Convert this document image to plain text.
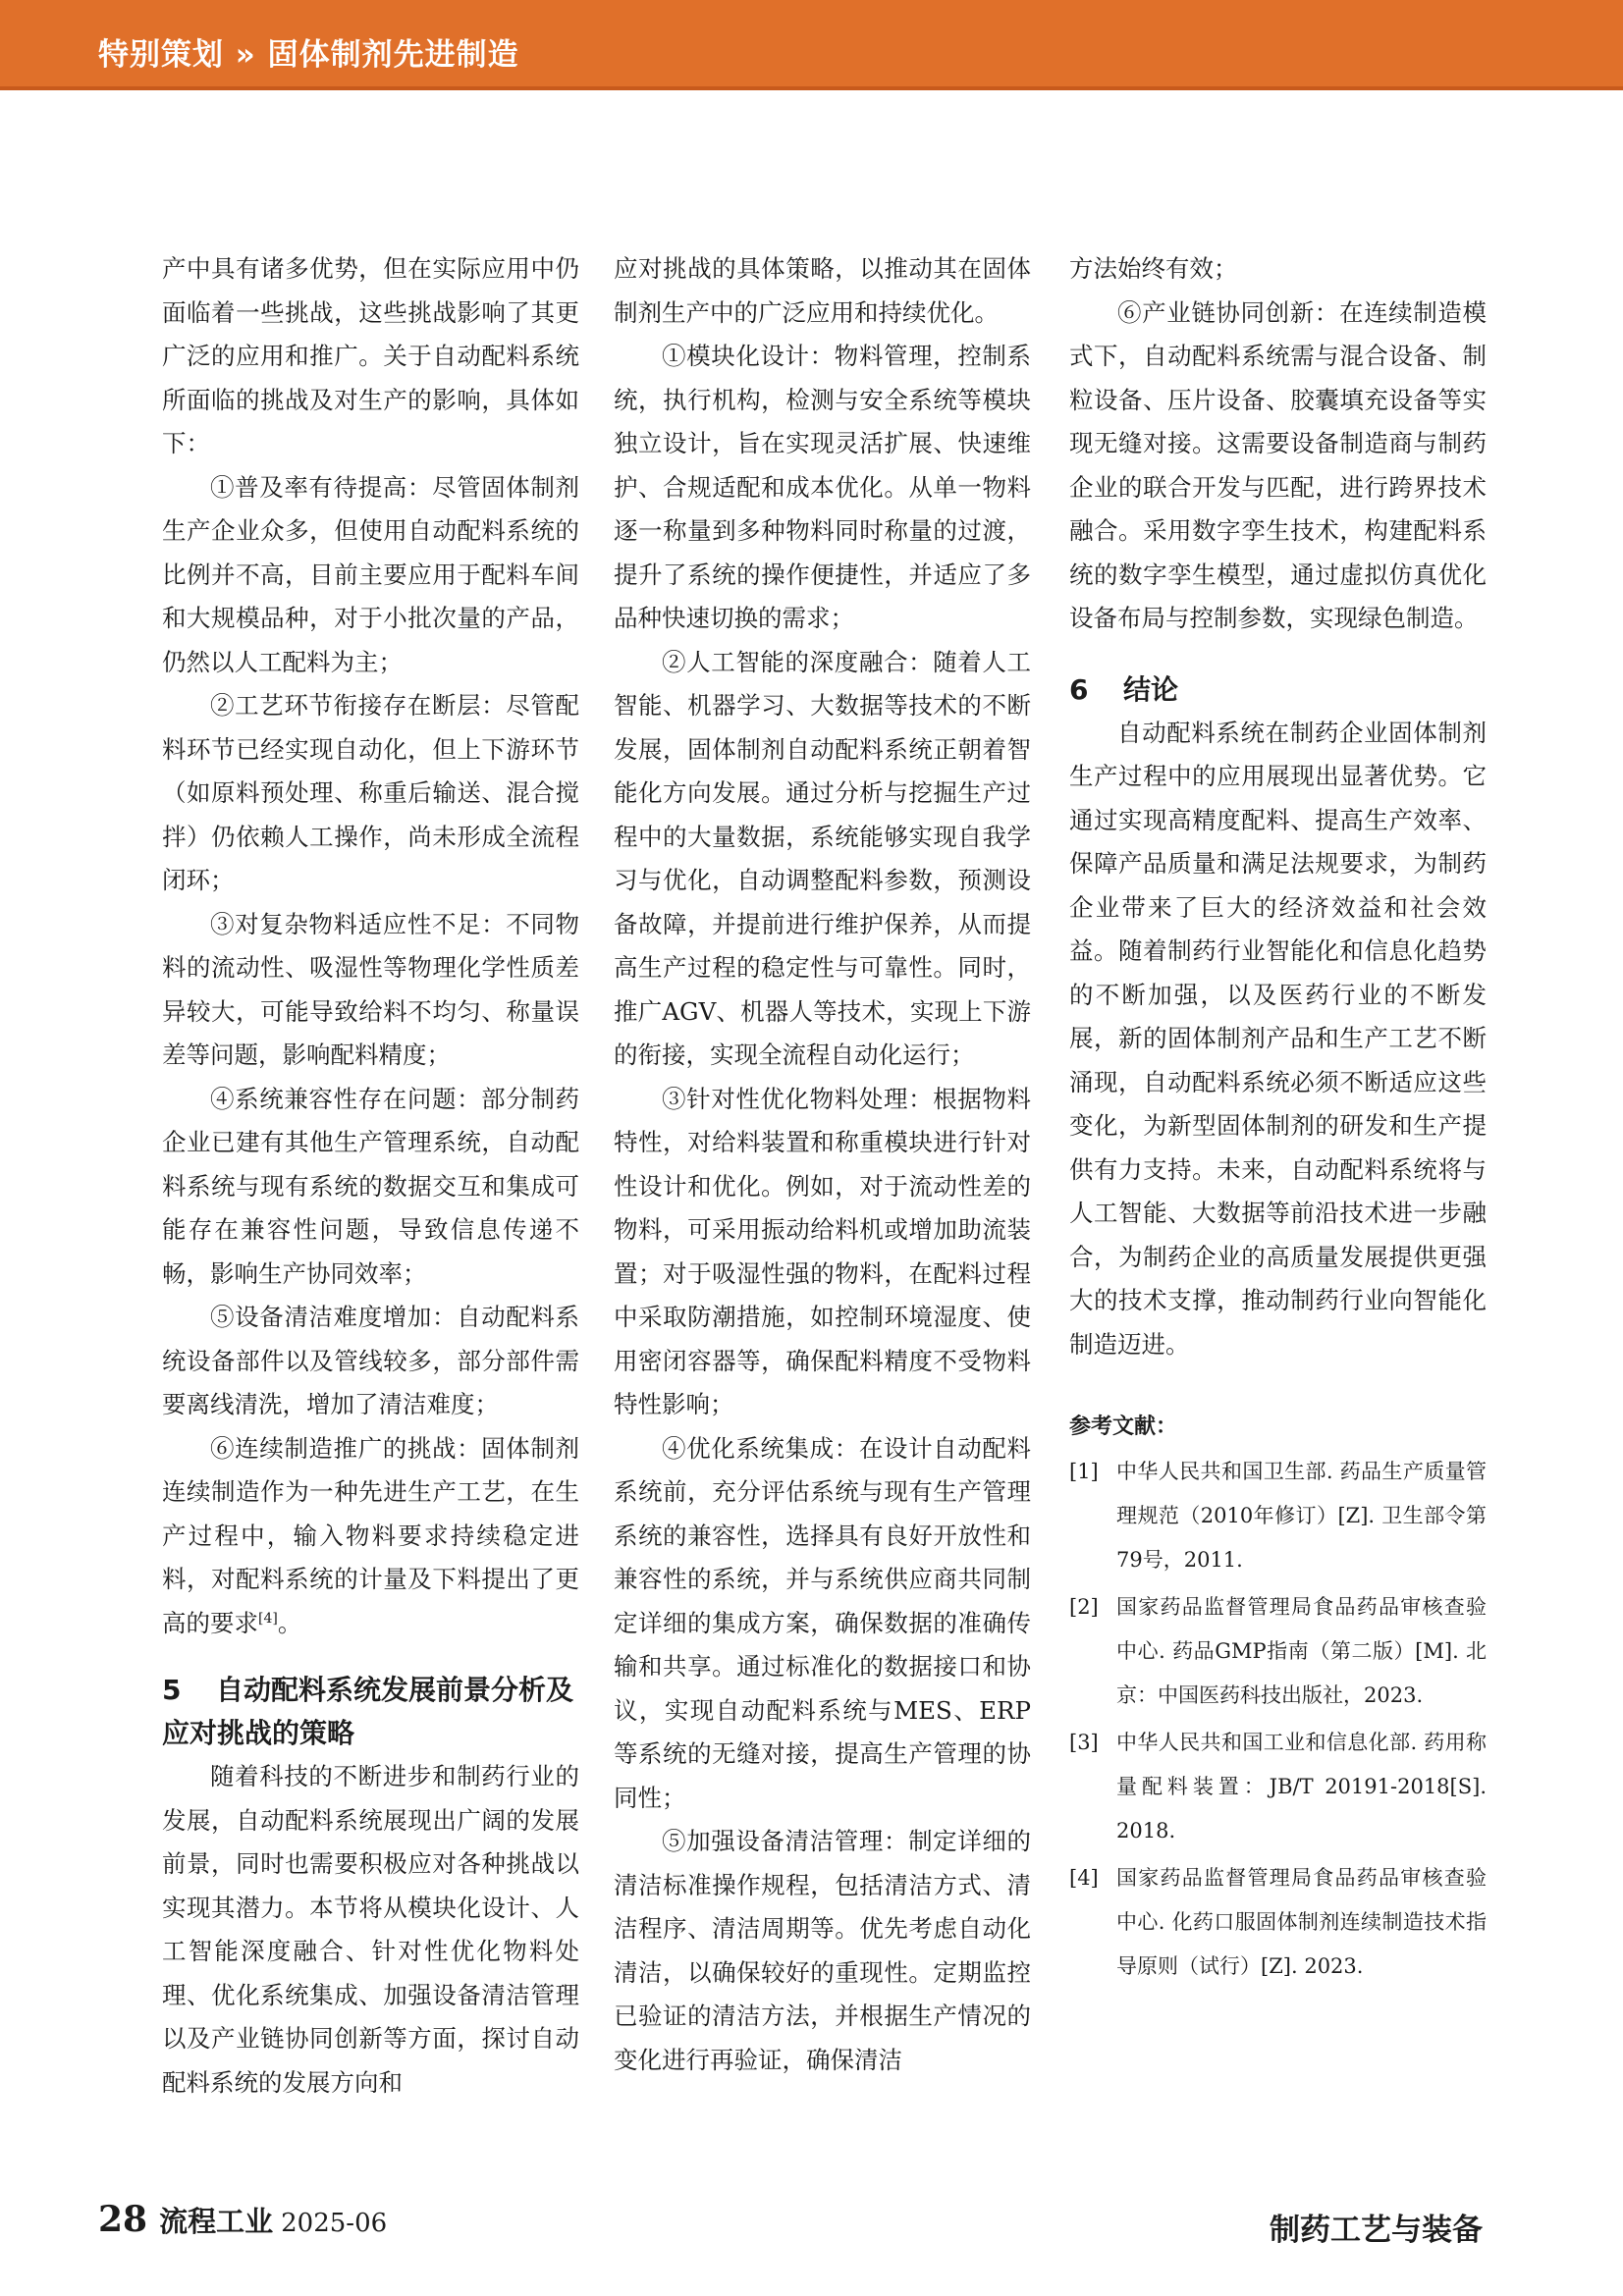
特别策划 » 固体制剂先进制造

产中具有诸多优势，但在实际应用中仍面临着一些挑战，这些挑战影响了其更广泛的应用和推广。关于自动配料系统所面临的挑战及对生产的影响，具体如下：

①普及率有待提高：尽管固体制剂生产企业众多，但使用自动配料系统的比例并不高，目前主要应用于配料车间和大规模品种，对于小批次量的产品，仍然以人工配料为主；

②工艺环节衔接存在断层：尽管配料环节已经实现自动化，但上下游环节（如原料预处理、称重后输送、混合搅拌）仍依赖人工操作，尚未形成全流程闭环；

③对复杂物料适应性不足：不同物料的流动性、吸湿性等物理化学性质差异较大，可能导致给料不均匀、称量误差等问题，影响配料精度；

④系统兼容性存在问题：部分制药企业已建有其他生产管理系统，自动配料系统与现有系统的数据交互和集成可能存在兼容性问题，导致信息传递不畅，影响生产协同效率；

⑤设备清洁难度增加：自动配料系统设备部件以及管线较多，部分部件需要离线清洗，增加了清洁难度；

⑥连续制造推广的挑战：固体制剂连续制造作为一种先进生产工艺，在生产过程中，输入物料要求持续稳定进料，对配料系统的计量及下料提出了更高的要求[4]。

5 自动配料系统发展前景分析及应对挑战的策略

随着科技的不断进步和制药行业的发展，自动配料系统展现出广阔的发展前景，同时也需要积极应对各种挑战以实现其潜力。本节将从模块化设计、人工智能深度融合、针对性优化物料处理、优化系统集成、加强设备清洁管理以及产业链协同创新等方面，探讨自动配料系统的发展方向和

应对挑战的具体策略，以推动其在固体制剂生产中的广泛应用和持续优化。

①模块化设计：物料管理，控制系统，执行机构，检测与安全系统等模块独立设计，旨在实现灵活扩展、快速维护、合规适配和成本优化。从单一物料逐一称量到多种物料同时称量的过渡，提升了系统的操作便捷性，并适应了多品种快速切换的需求；

②人工智能的深度融合：随着人工智能、机器学习、大数据等技术的不断发展，固体制剂自动配料系统正朝着智能化方向发展。通过分析与挖掘生产过程中的大量数据，系统能够实现自我学习与优化，自动调整配料参数，预测设备故障，并提前进行维护保养，从而提高生产过程的稳定性与可靠性。同时，推广AGV、机器人等技术，实现上下游的衔接，实现全流程自动化运行；

③针对性优化物料处理：根据物料特性，对给料装置和称重模块进行针对性设计和优化。例如，对于流动性差的物料，可采用振动给料机或增加助流装置；对于吸湿性强的物料，在配料过程中采取防潮措施，如控制环境湿度、使用密闭容器等，确保配料精度不受物料特性影响；

④优化系统集成：在设计自动配料系统前，充分评估系统与现有生产管理系统的兼容性，选择具有良好开放性和兼容性的系统，并与系统供应商共同制定详细的集成方案，确保数据的准确传输和共享。通过标准化的数据接口和协议，实现自动配料系统与MES、ERP等系统的无缝对接，提高生产管理的协同性；

⑤加强设备清洁管理：制定详细的清洁标准操作规程，包括清洁方式、清洁程序、清洁周期等。优先考虑自动化清洁，以确保较好的重现性。定期监控已验证的清洁方法，并根据生产情况的变化进行再验证，确保清洁

方法始终有效；

⑥产业链协同创新：在连续制造模式下，自动配料系统需与混合设备、制粒设备、压片设备、胶囊填充设备等实现无缝对接。这需要设备制造商与制药企业的联合开发与匹配，进行跨界技术融合。采用数字孪生技术，构建配料系统的数字孪生模型，通过虚拟仿真优化设备布局与控制参数，实现绿色制造。

6 结论

自动配料系统在制药企业固体制剂生产过程中的应用展现出显著优势。它通过实现高精度配料、提高生产效率、保障产品质量和满足法规要求，为制药企业带来了巨大的经济效益和社会效益。随着制药行业智能化和信息化趋势的不断加强，以及医药行业的不断发展，新的固体制剂产品和生产工艺不断涌现，自动配料系统必须不断适应这些变化，为新型固体制剂的研发和生产提供有力支持。未来，自动配料系统将与人工智能、大数据等前沿技术进一步融合，为制药企业的高质量发展提供更强大的技术支撑，推动制药行业向智能化制造迈进。

参考文献：
[1] 中华人民共和国卫生部. 药品生产质量管理规范（2010年修订）[Z]. 卫生部令第79号，2011.
[2] 国家药品监督管理局食品药品审核查验中心. 药品GMP指南（第二版）[M]. 北京：中国医药科技出版社，2023.
[3] 中华人民共和国工业和信息化部. 药用称量配料装置：JB/T 20191-2018[S]. 2018.
[4] 国家药品监督管理局食品药品审核查验中心. 化药口服固体制剂连续制造技术指导原则（试行）[Z]. 2023.
28 流程工业 2025-06	制药工艺与装备
